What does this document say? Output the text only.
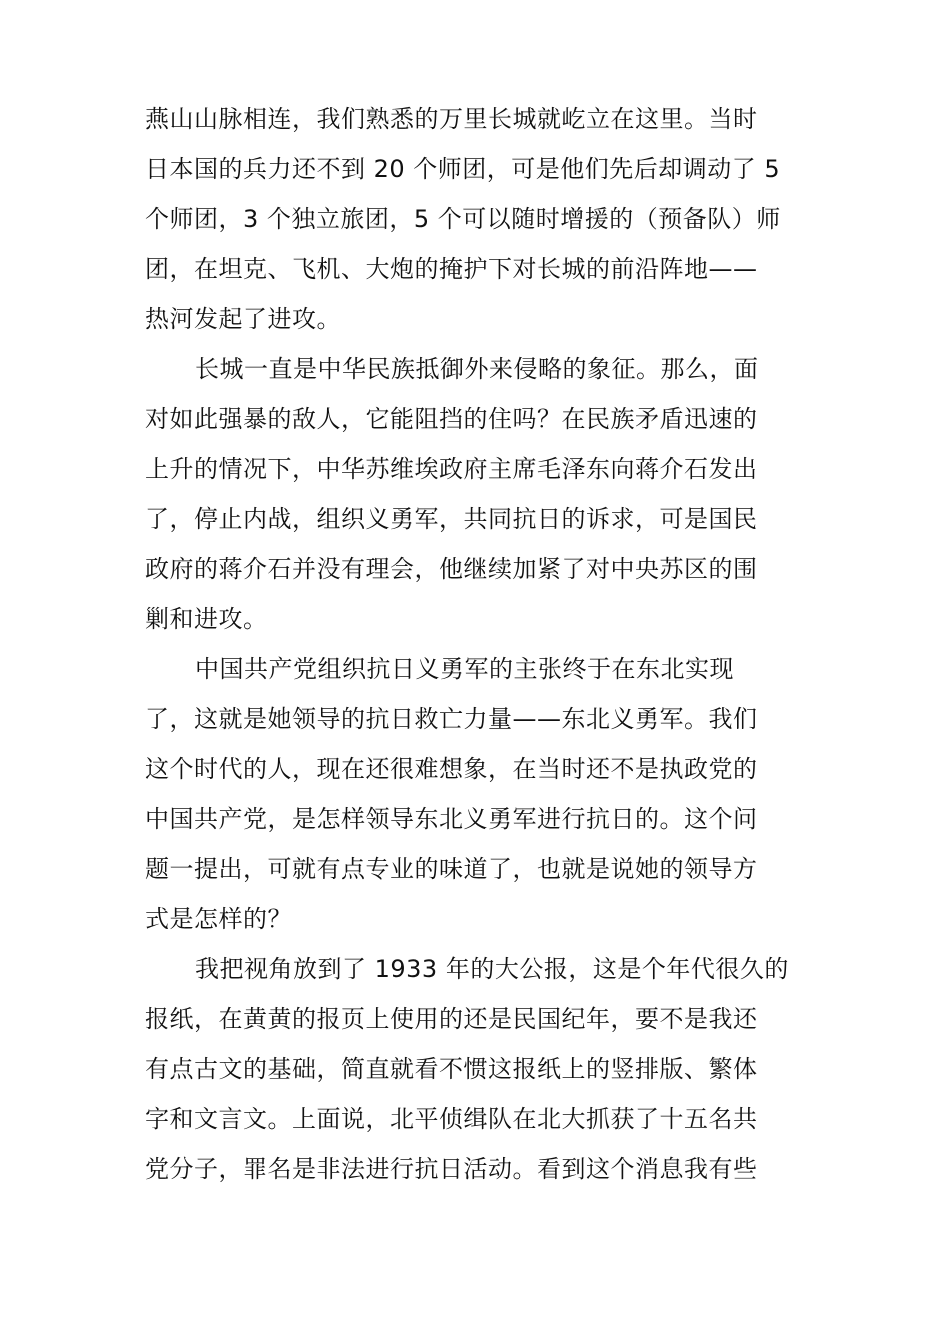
燕山山脉相连，我们熟悉的万里长城就屹立在这里。当时
日本国的兵力还不到 20 个师团，可是他们先后却调动了 5
个师团，3 个独立旅团，5 个可以随时增援的（预备队）师
团，在坦克、飞机、大炮的掩护下对长城的前沿阵地——
热河发起了进攻。
长城一直是中华民族抵御外来侵略的象征。那么，面
对如此强暴的敌人，它能阻挡的住吗？在民族矛盾迅速的
上升的情况下，中华苏维埃政府主席毛泽东向蒋介石发出
了，停止内战，组织义勇军，共同抗日的诉求，可是国民
政府的蒋介石并没有理会，他继续加紧了对中央苏区的围
剿和进攻。
中国共产党组织抗日义勇军的主张终于在东北实现
了，这就是她领导的抗日救亡力量——东北义勇军。我们
这个时代的人，现在还很难想象，在当时还不是执政党的
中国共产党，是怎样领导东北义勇军进行抗日的。这个问
题一提出，可就有点专业的味道了，也就是说她的领导方
式是怎样的？
我把视角放到了 1933 年的大公报，这是个年代很久的
报纸，在黄黄的报页上使用的还是民国纪年，要不是我还
有点古文的基础，简直就看不惯这报纸上的竖排版、繁体
字和文言文。上面说，北平侦缉队在北大抓获了十五名共
党分子，罪名是非法进行抗日活动。看到这个消息我有些
